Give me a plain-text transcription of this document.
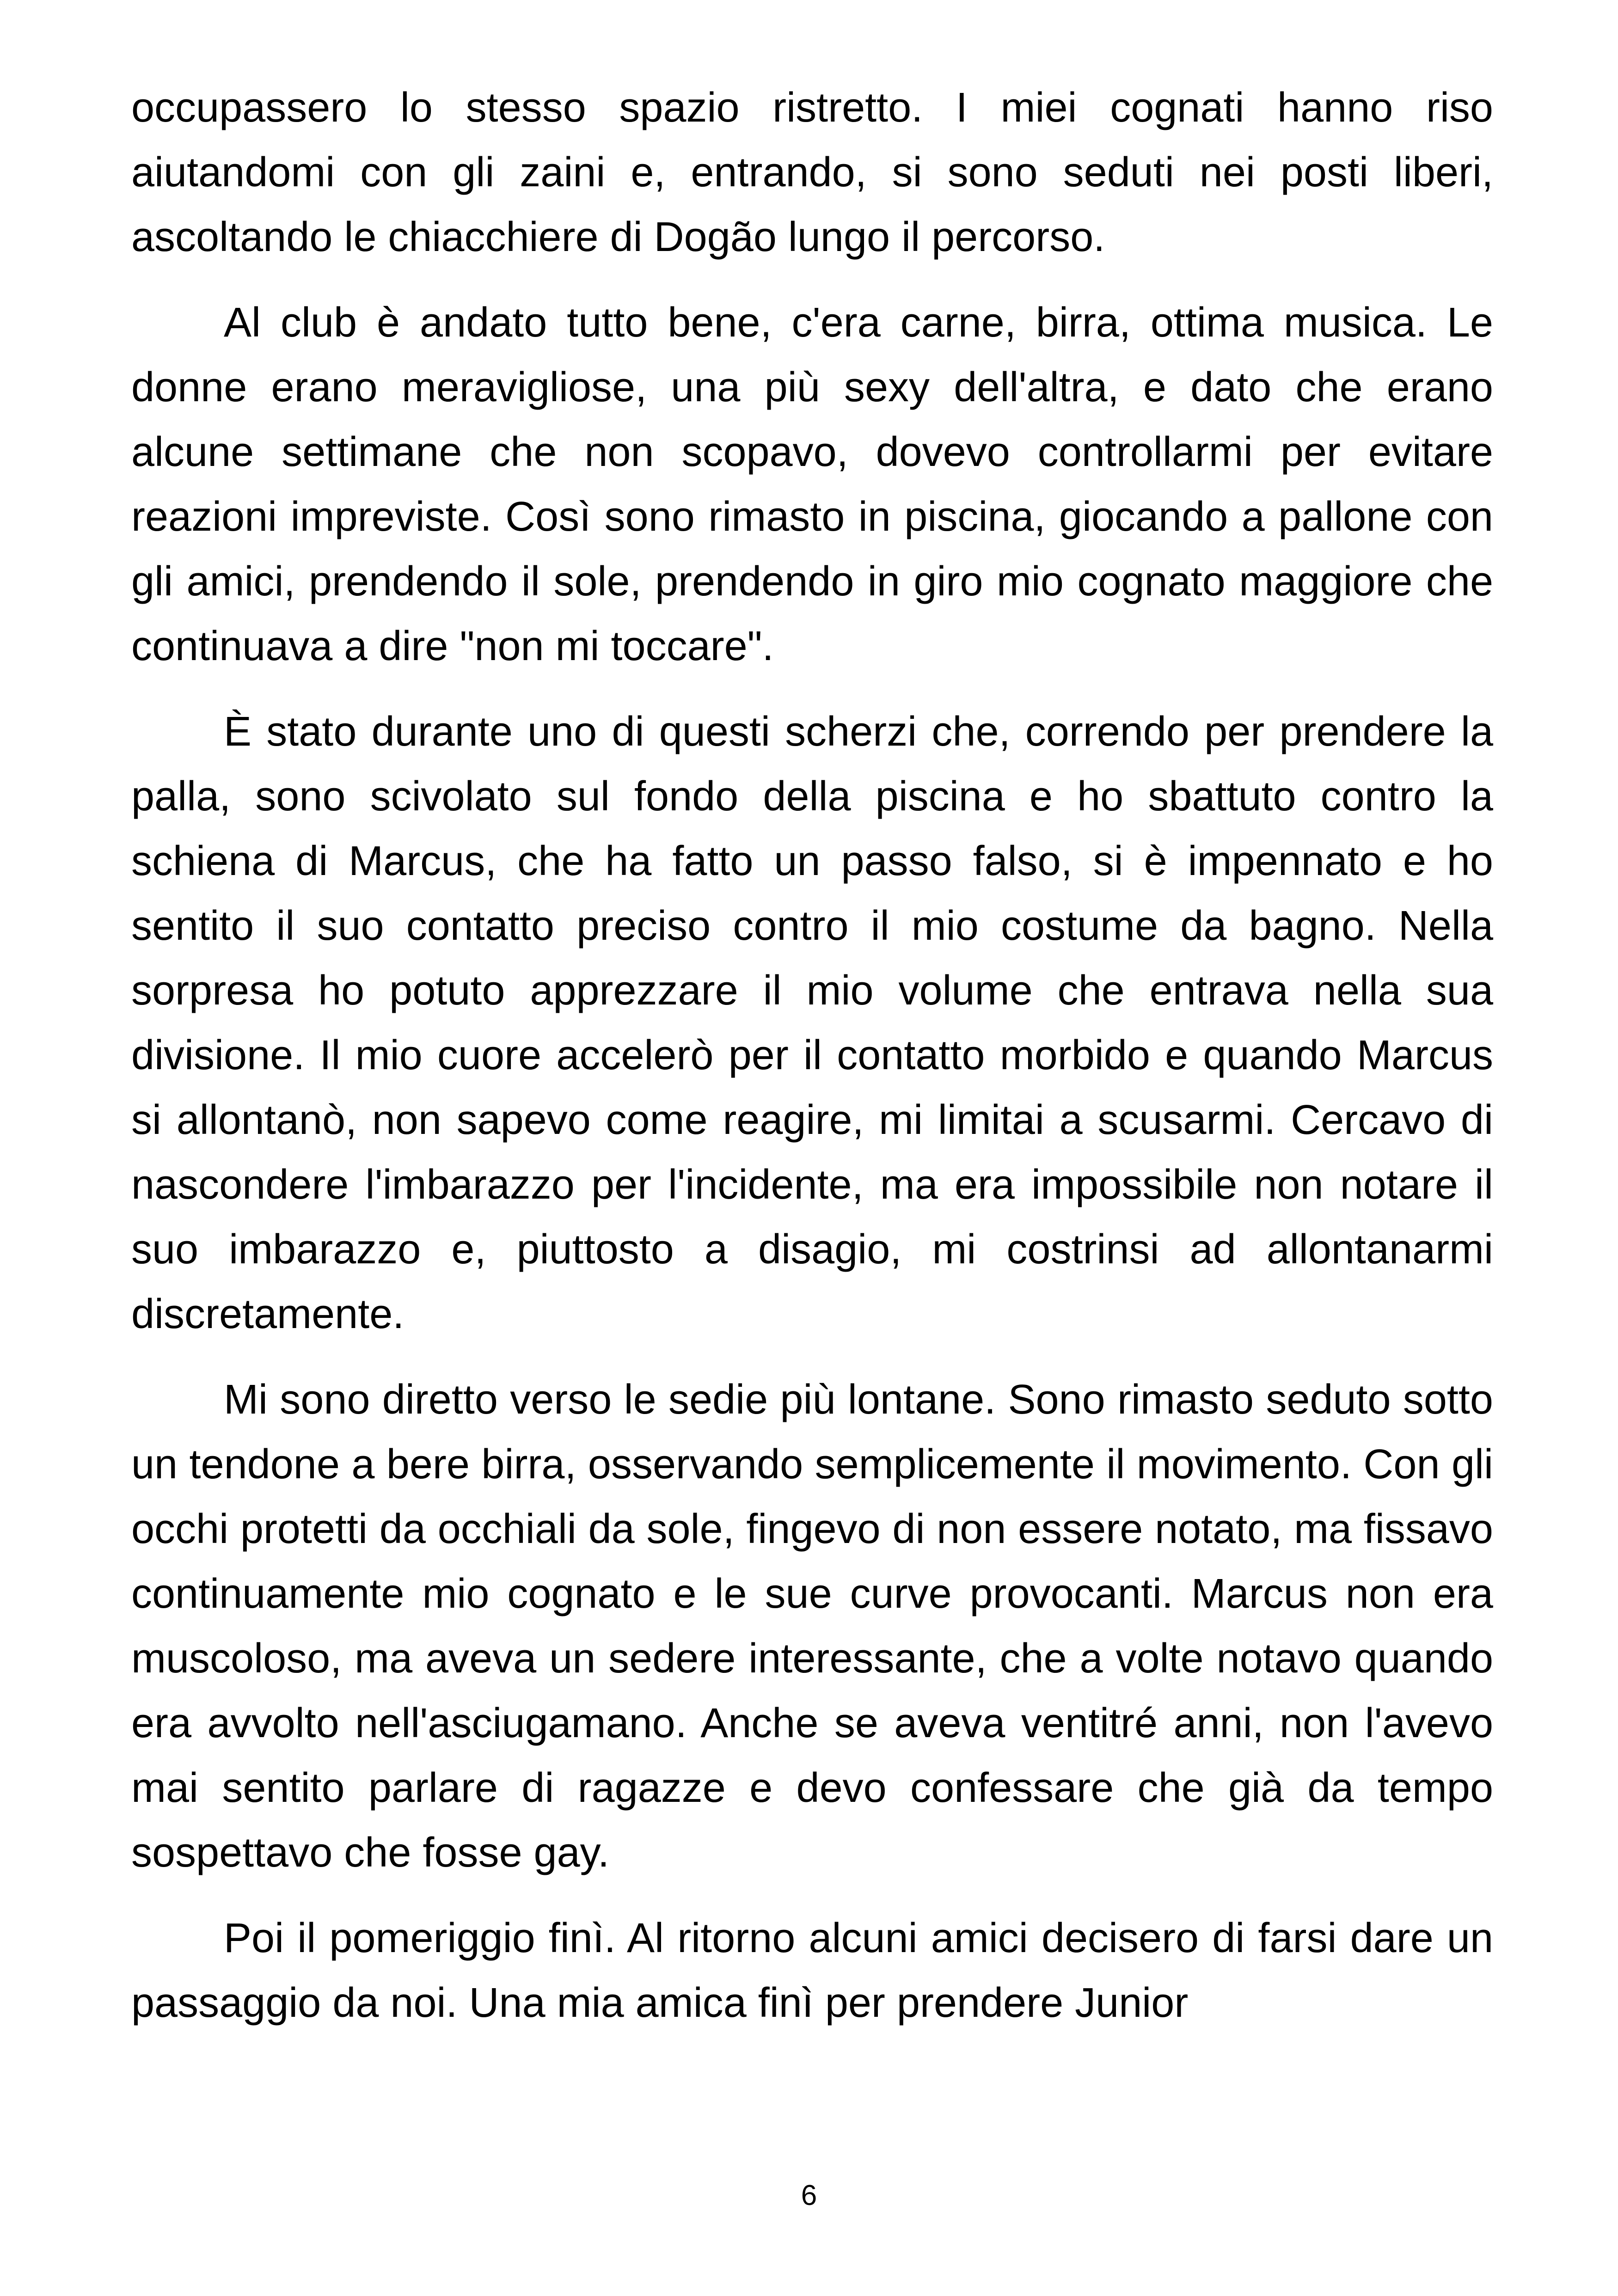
occupassero lo stesso spazio ristretto. I miei cognati hanno riso aiutandomi con gli zaini e, entrando, si sono seduti nei posti liberi, ascoltando le chiacchiere di Dogão lungo il percorso.

Al club è andato tutto bene, c'era carne, birra, ottima musica. Le donne erano meravigliose, una più sexy dell'altra, e dato che erano alcune settimane che non scopavo, dovevo controllarmi per evitare reazioni impreviste. Così sono rimasto in piscina, giocando a pallone con gli amici, prendendo il sole, prendendo in giro mio cognato maggiore che continuava a dire "non mi toccare".

È stato durante uno di questi scherzi che, correndo per prendere la palla, sono scivolato sul fondo della piscina e ho sbattuto contro la schiena di Marcus, che ha fatto un passo falso, si è impennato e ho sentito il suo contatto preciso contro il mio costume da bagno. Nella sorpresa ho potuto apprezzare il mio volume che entrava nella sua divisione. Il mio cuore accelerò per il contatto morbido e quando Marcus si allontanò, non sapevo come reagire, mi limitai a scusarmi. Cercavo di nascondere l'imbarazzo per l'incidente, ma era impossibile non notare il suo imbarazzo e, piuttosto a disagio, mi costrinsi ad allontanarmi discretamente.

Mi sono diretto verso le sedie più lontane. Sono rimasto seduto sotto un tendone a bere birra, osservando semplicemente il movimento. Con gli occhi protetti da occhiali da sole, fingevo di non essere notato, ma fissavo continuamente mio cognato e le sue curve provocanti. Marcus non era muscoloso, ma aveva un sedere interessante, che a volte notavo quando era avvolto nell'asciugamano. Anche se aveva ventitré anni, non l'avevo mai sentito parlare di ragazze e devo confessare che già da tempo sospettavo che fosse gay.

Poi il pomeriggio finì. Al ritorno alcuni amici decisero di farsi dare un passaggio da noi. Una mia amica finì per prendere Junior

6
